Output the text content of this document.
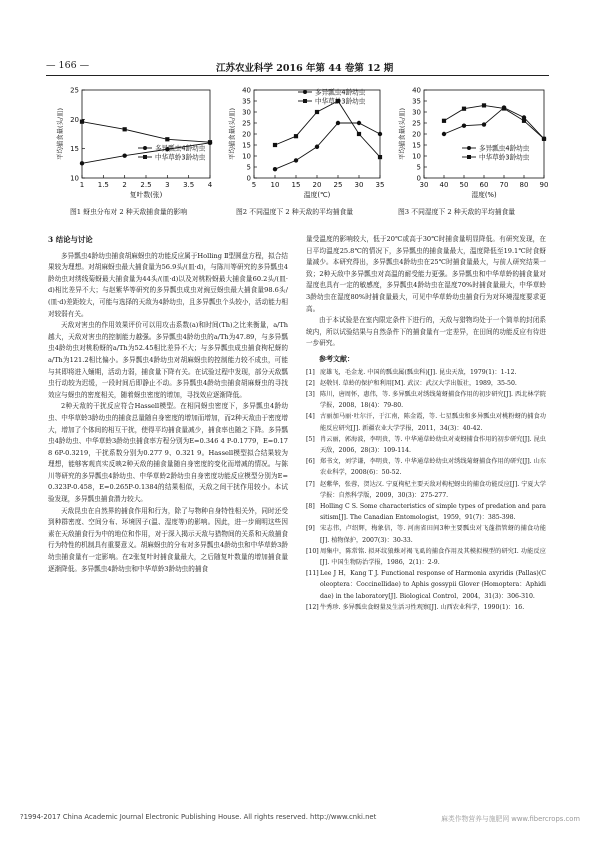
— 166 —	江苏农业科学 2016 年第 44 卷第 12 期
10
15
20
25
1 1.5 2 2.5 3 3.5 4
复叶数(张)
平均捕食量(头/皿)	多异瓢虫4龄幼虫
中华草蛉3龄幼虫
0
5
10
15
20
25
30
35
40
5 10 15 20 25 30 35
温度(℃)
平均捕食量(头/皿)
多异瓢虫4龄幼虫
中华草蛉3龄幼虫
0
5
10
15
20
25
30
35
40
30 40 50 60 70 80 90
湿度(%)
平均捕食量(头/皿)	多异瓢虫4龄幼虫
中华草蛉3龄幼虫
图1 蚜虫分布对 2 种天敌捕食量的影响	图2 不同温度下 2 种天敌的平均捕食量	图3 不同湿度下 2 种天敌的平均捕食量
3 结论与讨论

多异瓢虫4龄幼虫捕食胡麻蚜虫的功能反应属于Holling Ⅱ型圆盘方程，拟合结果较为理想。对胡麻蚜虫最大捕食量为56.9头/(皿·d)，与陈川等研究的多异瓢虫4龄幼虫对绣线菊蚜最大捕食量为44头/(皿·d)以及对桃粉蚜最大捕食量60.2头/(皿·d)相比差异不大；与赵紫华等研究的多异瓢虫成虫对豌豆蚜虫最大捕食量98.6头/(皿·d)差距较大，可能与选择的天敌为4龄幼虫，且多异瓢虫个头较小，活动能力相对较弱有关。

天敌对害虫的作用效果评价可以用攻击系数(a)和时间(Th)之比来衡量，a/Th越大，天敌对害虫的控制能力越强。多异瓢虫4龄幼虫的a/Th为47.89，与多异瓢虫4龄幼虫对桃粉蚜的a/Th为52.45相比差异不大；与多异瓢虫成虫捕食枸杞蚜的a/Th为121.2相比偏小。多异瓢虫4龄幼虫对胡麻蚜虫的控制能力较不成虫，可能与其即将进入蛹期，活动力弱，捕食量下降有关。在试验过程中发现，部分天敌瓢虫行动较为迟缓，一段时间后即静止不动。多异瓢虫4龄幼虫捕食胡麻蚜虫的寻找效应与蚜虫的密度相关，随着蚜虫密度的增加，寻找效应逐渐降低。

2种天敌的干扰反应符合Hassell模型。在相同蚜虫密度下，多异瓢虫4龄幼虫、中华草蛉3龄幼虫的捕食总量随自身密度的增加而增加，而2种天敌由于密度增大，增加了个体间的相互干扰，使得平均捕食量减少，捕食率也随之下降。多异瓢虫4龄幼虫、中华草蛉3龄幼虫捕食率方程分别为E=0.346 4 P-0.1779，E=0.178 6P-0.3219，干扰系数分别为0.277 9、0.321 9。Hassell模型拟合结果较为理想，能够客观真实反映2种天敌的捕食量随自身密度的变化而增减的情况。与陈川等研究的多异瓢虫4龄幼虫、中华草蛉2龄幼虫自身密度功能反应模型分别为E=0.323P-0.458，E=0.265P-0.1384的结果相似，天敌之间干扰作用较小。本试验发现，多异瓢虫捕食潜力较大。

天敌昆虫在自然界的捕食作用和行为，除了与物种自身特性相关外，同时还受到种群密度、空间分布、环境因子(温、湿度等)的影响。因此，进一步阐明这些因素在天敌捕食行为中的地位和作用，对于深入揭示天敌与猎物间的关系和天敌捕食行为特性的机制具有重要意义。胡麻蚜虫的分布对多异瓢虫4龄幼虫和中华草蛉3龄幼虫捕食量有一定影响。在2张复叶时捕食量最大，之后随复叶数量的增加捕食量逐渐降低。多异瓢虫4龄幼虫和中华草蛉3龄幼虫的捕食

量受温度的影响较大，低于20℃或高于30℃时捕食量明显降低。有研究发现，在日平均温度25.8℃的情况下，多异瓢虫的捕食量最大，温度降低至19.1℃时食蚜量减少。本研究得出，多异瓢虫4龄幼虫在25℃时捕食量最大，与前人研究结果一致；2种天敌中多异瓢虫对高温的耐受能力更强。多异瓢虫和中华草蛉的捕食量对湿度也具有一定的敏感度，多异瓢虫4龄幼虫在湿度70%时捕食量最大，中华草蛉3龄幼虫在湿度80%时捕食量最大，可见中华草蛉幼虫捕食行为对环境湿度要求更高。

由于本试验是在室内限定条件下进行的，天敌与猎物均处于一个简单的封闭系统内，所以试验结果与自然条件下的捕食量有一定差异，在田间的功能反应有待进一步研究。

参考文献：

[1] 庞雄飞，毛金龙. 中国的瓢虫属(瓢虫科)[J]. 昆虫天敌，1979(1)：1-12.
[2] 赵敬钊. 草蛉的保护和利用[M]. 武汉：武汉大学出版社，1989，35-50.
[3] 陈川，唐周怀，惠伟，等. 多异瓢虫对绣线菊蚜捕食作用的初步研究[J]. 西北林学院学报，2008，18(4)：79-80.
[4] 古丽加马丽·吐尔汗，于江南，陈金霞，等. 七星瓢虫和多异瓢虫对桃粉蚜的捕食功能反应研究[J]. 新疆农业大学学报，2011，34(3)：40-42.
[5] 肖云丽，郭海波，李明贵，等. 中华通草蛉幼虫对麦蚜捕食作用的初步研究[J]. 昆虫天敌，2006，28(3)：109-114.
[6] 郑书文，刘学谦，李明贵，等. 中华通草蛉幼虫对绣线菊蚜捕食作用的研究[J]. 山东农业科学，2008(6)：50-52.
[7] 赵紫华，张蓉，贺达汉. 宁夏枸杞主要天敌对枸杞蚜虫的捕食功能反应[J]. 宁夏大学学报：自然科学版，2009，30(3)：275-277.
[8] Holling C S. Some characteristics of simple types of predation and parasitism[J]. The Canadian Entomologist，1959，91(7)：385-398.
[9] 宋志伟，卢绍辉，梅象信，等. 河南省田间3种主要瓢虫对飞蓬指管蚜的捕食功能[J]. 植物保护，2007(3)：30-33.
[10] 周集中，陈常铭. 拟环纹狼蛛对褐飞虱的捕食作用及其模拟模型的研究Ⅰ. 功能反应[J]. 中国生物防治学报，1986，2(1)：2-9.
[11] Lee J H，Kang T J. Functional response of Harmonia axyridis (Pallas)(Coleoptera：Coccinellidae) to Aphis gossypii Glover (Homoptera：Aphididae) in the laboratory[J]. Biological Control，2004，31(3)：306-310.
[12] 牛秀珍. 多异瓢虫食蚜量及生活习性观察[J]. 山西农业科学，1990(1)：16.
?1994-2017 China Academic Journal Electronic Publishing House. All rights reserved. http://www.cnki.net	麻类作物营养与施肥网 www.fibercrops.com
